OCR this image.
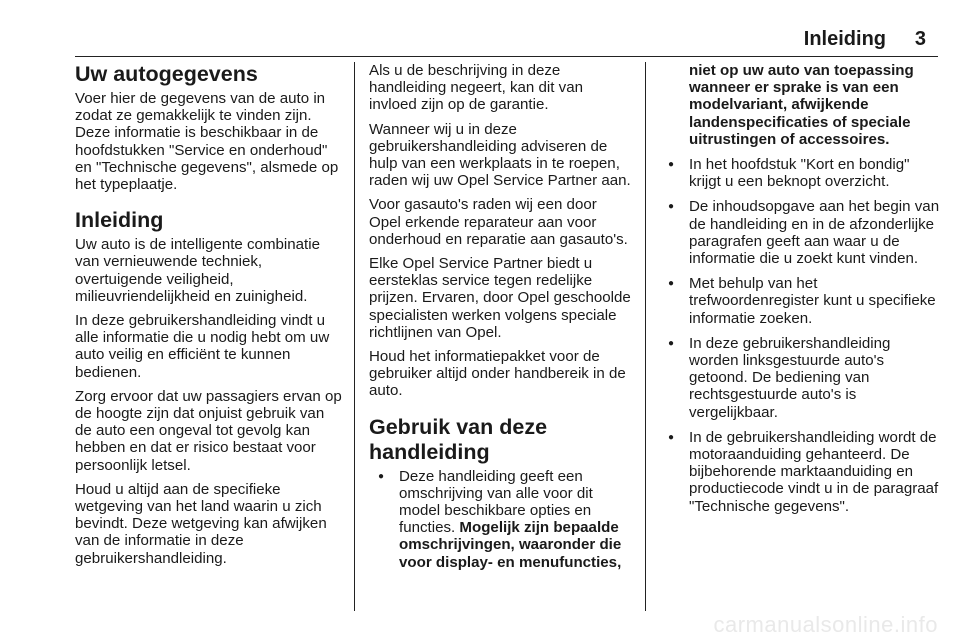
Inleiding 3
Uw autogegevens

Voer hier de gegevens van de auto in zodat ze gemakkelijk te vinden zijn. Deze informatie is beschikbaar in de hoofdstukken "Service en onderhoud" en "Technische gegevens", alsmede op het typeplaatje.

Inleiding

Uw auto is de intelligente combinatie van vernieuwende techniek, overtuigende veiligheid, milieuvriendelijkheid en zuinigheid.

In deze gebruikershandleiding vindt u alle informatie die u nodig hebt om uw auto veilig en efficiënt te kunnen bedienen.

Zorg ervoor dat uw passagiers ervan op de hoogte zijn dat onjuist gebruik van de auto een ongeval tot gevolg kan hebben en dat er risico bestaat voor persoonlijk letsel.

Houd u altijd aan de specifieke wetgeving van het land waarin u zich bevindt. Deze wetgeving kan afwijken van de informatie in deze gebruikershandleiding.

Als u de beschrijving in deze handleiding negeert, kan dit van invloed zijn op de garantie.

Wanneer wij u in deze gebruikershandleiding adviseren de hulp van een werkplaats in te roepen, raden wij uw Opel Service Partner aan.

Voor gasauto's raden wij een door Opel erkende reparateur aan voor onderhoud en reparatie aan gasauto's.

Elke Opel Service Partner biedt u eersteklas service tegen redelijke prijzen. Ervaren, door Opel geschoolde specialisten werken volgens speciale richtlijnen van Opel.

Houd het informatiepakket voor de gebruiker altijd onder handbereik in de auto.

Gebruik van deze handleiding
● Deze handleiding geeft een omschrijving van alle voor dit model beschikbare opties en functies. Mogelijk zijn bepaalde omschrijvingen, waaronder die voor display- en menufuncties,
niet op uw auto van toepassing wanneer er sprake is van een modelvariant, afwijkende landenspecificaties of speciale uitrustingen of accessoires.
● In het hoofdstuk "Kort en bondig" krijgt u een beknopt overzicht.
● De inhoudsopgave aan het begin van de handleiding en in de afzonderlijke paragrafen geeft aan waar u de informatie die u zoekt kunt vinden.
● Met behulp van het trefwoordenregister kunt u specifieke informatie zoeken.
● In deze gebruikershandleiding worden linksgestuurde auto's getoond. De bediening van rechtsgestuurde auto's is vergelijkbaar.
● In de gebruikershandleiding wordt de motoraanduiding gehanteerd. De bijbehorende marktaanduiding en productiecode vindt u in de paragraaf "Technische gegevens".
carmanualsonline.info
